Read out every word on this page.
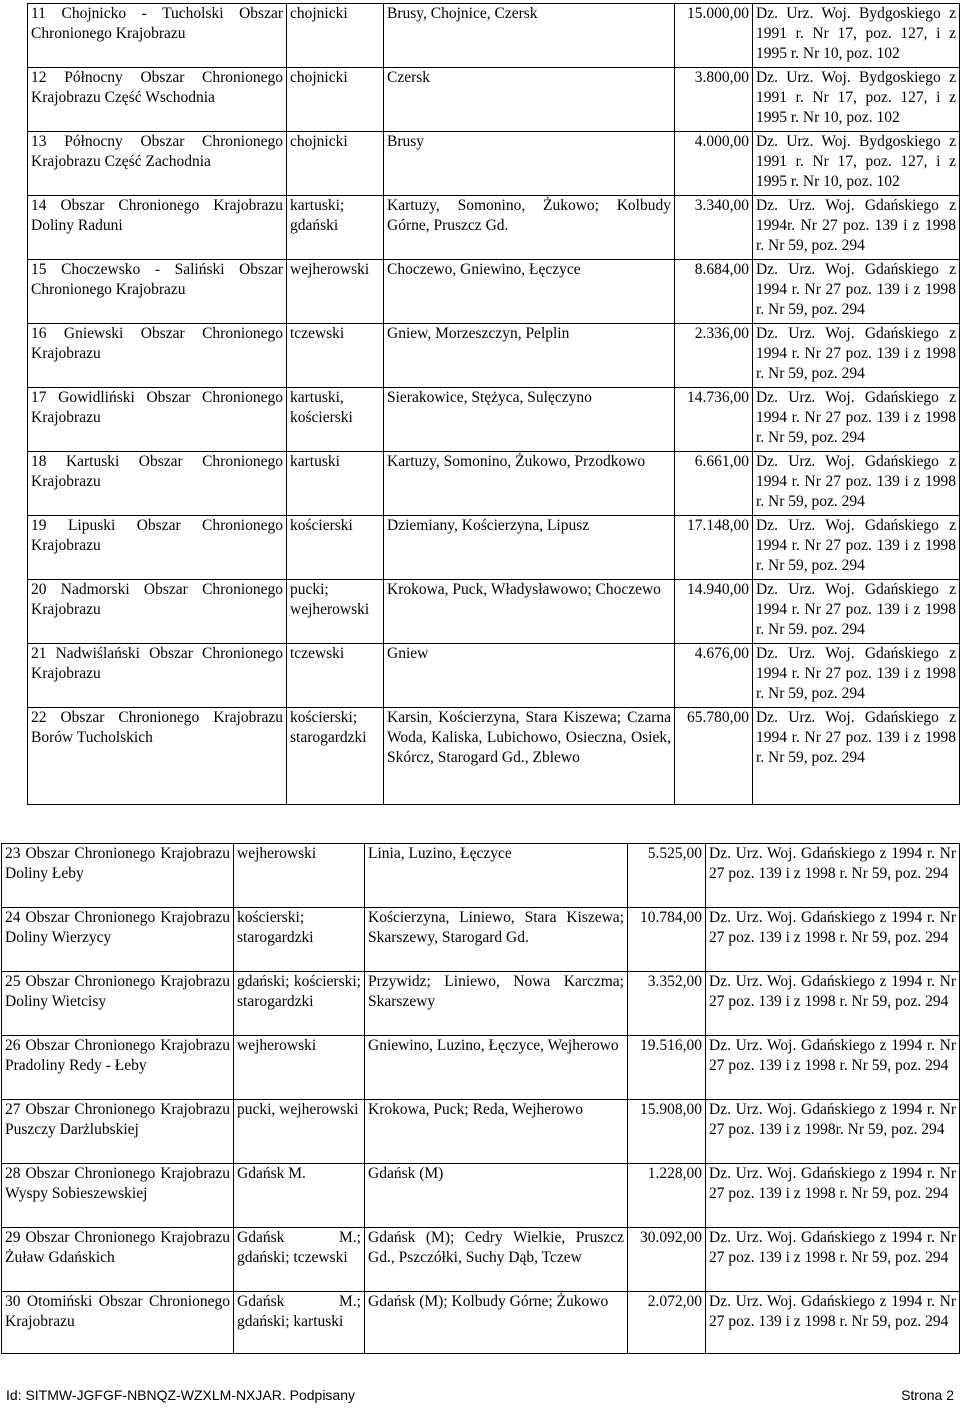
11 Chojnicko - Tucholski Obszar Chronionego Krajobrazu	chojnicki	Brusy, Chojnice, Czersk	15.000,00	Dz. Urz. Woj. Bydgoskiego z 1991 r. Nr 17, poz. 127, i z 1995 r. Nr 10, poz. 102
12 Północny Obszar Chronionego Krajobrazu Część Wschodnia	chojnicki	Czersk	3.800,00	Dz. Urz. Woj. Bydgoskiego z 1991 r. Nr 17, poz. 127, i z 1995 r. Nr 10, poz. 102
13 Północny Obszar Chronionego Krajobrazu Część Zachodnia	chojnicki	Brusy	4.000,00	Dz. Urz. Woj. Bydgoskiego z 1991 r. Nr 17, poz. 127, i z 1995 r. Nr 10, poz. 102
14 Obszar Chronionego Krajobrazu Doliny Raduni	kartuski; gdański	Kartuzy, Somonino, Żukowo; Kolbudy Górne, Pruszcz Gd.	3.340,00	Dz. Urz. Woj. Gdańskiego z 1994r. Nr 27 poz. 139 i z 1998 r. Nr 59, poz. 294
15 Choczewsko - Saliński Obszar Chronionego Krajobrazu	wejherowski	Choczewo, Gniewino, Łęczyce	8.684,00	Dz. Urz. Woj. Gdańskiego z 1994 r. Nr 27 poz. 139 i z 1998 r. Nr 59, poz. 294
16 Gniewski Obszar Chronionego Krajobrazu	tczewski	Gniew, Morzeszczyn, Pelplin	2.336,00	Dz. Urz. Woj. Gdańskiego z 1994 r. Nr 27 poz. 139 i z 1998 r. Nr 59, poz. 294
17 Gowidliński Obszar Chronionego Krajobrazu	kartuski, kościerski	Sierakowice, Stężyca, Sulęczyno	14.736,00	Dz. Urz. Woj. Gdańskiego z 1994 r. Nr 27 poz. 139 i z 1998 r. Nr 59, poz. 294
18 Kartuski Obszar Chronionego Krajobrazu	kartuski	Kartuzy, Somonino, Żukowo, Przodkowo	6.661,00	Dz. Urz. Woj. Gdańskiego z 1994 r. Nr 27 poz. 139 i z 1998 r. Nr 59, poz. 294
19 Lipuski Obszar Chronionego Krajobrazu	kościerski	Dziemiany, Kościerzyna, Lipusz	17.148,00	Dz. Urz. Woj. Gdańskiego z 1994 r. Nr 27 poz. 139 i z 1998 r. Nr 59, poz. 294
20 Nadmorski Obszar Chronionego Krajobrazu	pucki; wejherowski	Krokowa, Puck, Władysławowo; Choczewo	14.940,00	Dz. Urz. Woj. Gdańskiego z 1994 r. Nr 27 poz. 139 i z 1998 r. Nr 59. poz. 294
21 Nadwiślański Obszar Chronionego Krajobrazu	tczewski	Gniew	4.676,00	Dz. Urz. Woj. Gdańskiego z 1994 r. Nr 27 poz. 139 i z 1998 r. Nr 59, poz. 294
22 Obszar Chronionego Krajobrazu Borów Tucholskich	kościerski; starogardzki	Karsin, Kościerzyna, Stara Kiszewa; Czarna Woda, Kaliska, Lubichowo, Osieczna, Osiek, Skórcz, Starogard Gd., Zblewo	65.780,00	Dz. Urz. Woj. Gdańskiego z 1994 r. Nr 27 poz. 139 i z 1998 r. Nr 59, poz. 294
23 Obszar Chronionego Krajobrazu Doliny Łeby	wejherowski	Linia, Luzino, Łęczyce	5.525,00	Dz. Urz. Woj. Gdańskiego z 1994 r. Nr 27 poz. 139 i z 1998 r. Nr 59, poz. 294
24 Obszar Chronionego Krajobrazu Doliny Wierzycy	kościerski; starogardzki	Kościerzyna, Liniewo, Stara Kiszewa; Skarszewy, Starogard Gd.	10.784,00	Dz. Urz. Woj. Gdańskiego z 1994 r. Nr 27 poz. 139 i z 1998 r. Nr 59, poz. 294
25 Obszar Chronionego Krajobrazu Doliny Wietcisy	gdański; kościerski; starogardzki	Przywidz; Liniewo, Nowa Karczma; Skarszewy	3.352,00	Dz. Urz. Woj. Gdańskiego z 1994 r. Nr 27 poz. 139 i z 1998 r. Nr 59, poz. 294
26 Obszar Chronionego Krajobrazu Pradoliny Redy - Łeby	wejherowski	Gniewino, Luzino, Łęczyce, Wejherowo	19.516,00	Dz. Urz. Woj. Gdańskiego z 1994 r. Nr 27 poz. 139 i z 1998 r. Nr 59, poz. 294
27 Obszar Chronionego Krajobrazu Puszczy Darżlubskiej	pucki, wejherowski	Krokowa, Puck; Reda, Wejherowo	15.908,00	Dz. Urz. Woj. Gdańskiego z 1994 r. Nr 27 poz. 139 i z 1998r. Nr 59, poz. 294
28 Obszar Chronionego Krajobrazu Wyspy Sobieszewskiej	Gdańsk M.	Gdańsk (M)	1.228,00	Dz. Urz. Woj. Gdańskiego z 1994 r. Nr 27 poz. 139 i z 1998 r. Nr 59, poz. 294
29 Obszar Chronionego Krajobrazu Żuław Gdańskich	Gdańsk M.; gdański; tczewski	Gdańsk (M); Cedry Wielkie, Pruszcz Gd., Pszczółki, Suchy Dąb, Tczew	30.092,00	Dz. Urz. Woj. Gdańskiego z 1994 r. Nr 27 poz. 139 i z 1998 r. Nr 59, poz. 294
30 Otomiński Obszar Chronionego Krajobrazu	Gdańsk M.; gdański; kartuski	Gdańsk (M); Kolbudy Górne; Żukowo	2.072,00	Dz. Urz. Woj. Gdańskiego z 1994 r. Nr 27 poz. 139 i z 1998 r. Nr 59, poz. 294
Id: SITMW-JGFGF-NBNQZ-WZXLM-NXJAR. Podpisany	Strona 2
